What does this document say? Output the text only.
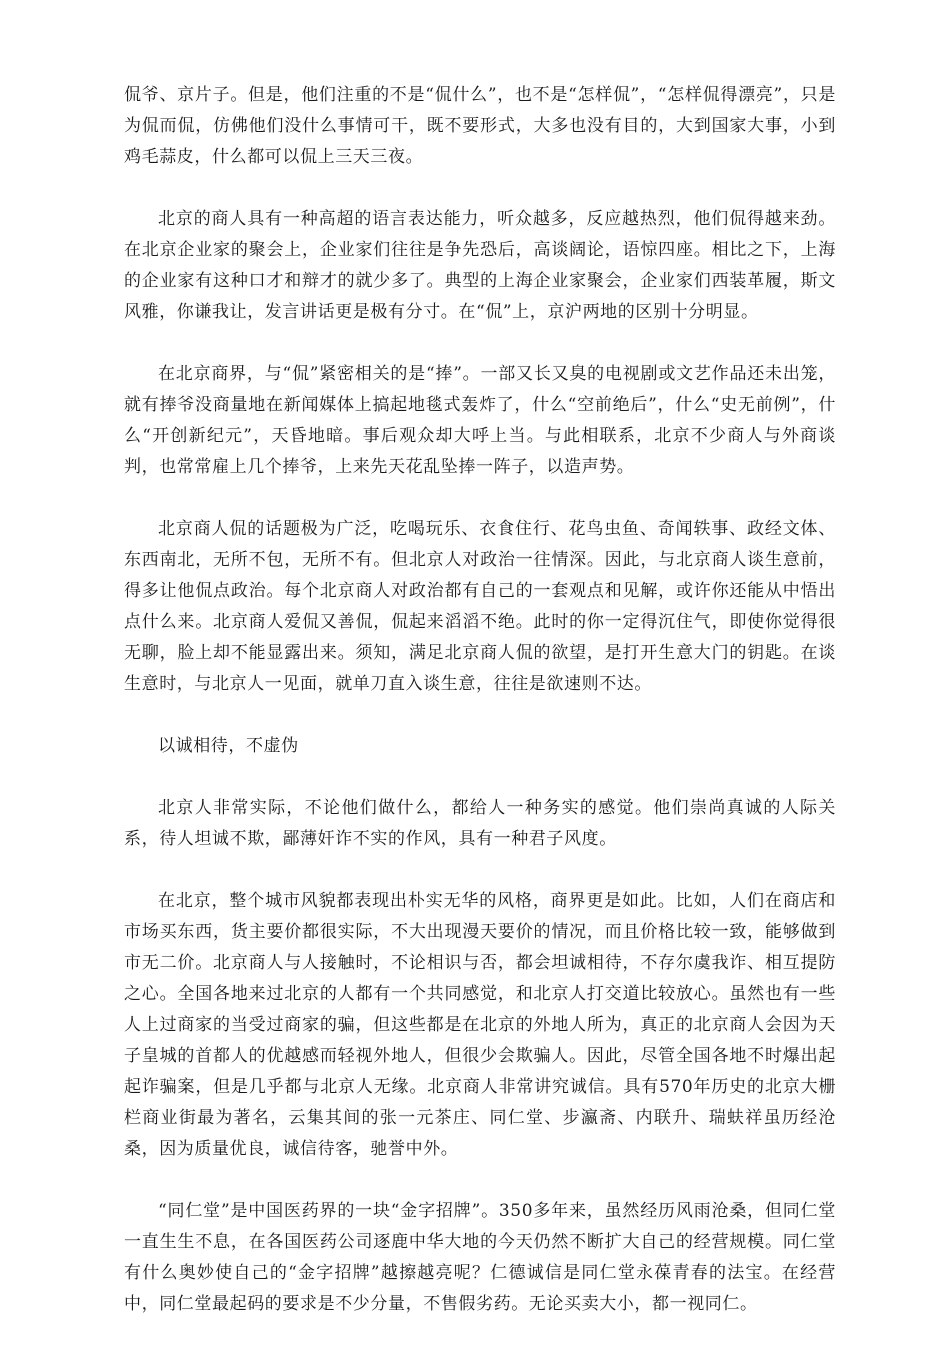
侃爷、京片子。但是，他们注重的不是“侃什么”，也不是“怎样侃”，“怎样侃得漂亮”，只是为侃而侃，仿佛他们没什么事情可干，既不要形式，大多也没有目的，大到国家大事，小到鸡毛蒜皮，什么都可以侃上三天三夜。

北京的商人具有一种高超的语言表达能力，听众越多，反应越热烈，他们侃得越来劲。在北京企业家的聚会上，企业家们往往是争先恐后，高谈阔论，语惊四座。相比之下，上海的企业家有这种口才和辩才的就少多了。典型的上海企业家聚会，企业家们西装革履，斯文风雅，你谦我让，发言讲话更是极有分寸。在“侃”上，京沪两地的区别十分明显。

在北京商界，与“侃”紧密相关的是“捧”。一部又长又臭的电视剧或文艺作品还未出笼，就有捧爷没商量地在新闻媒体上搞起地毯式轰炸了，什么“空前绝后”，什么“史无前例”，什么“开创新纪元”，天昏地暗。事后观众却大呼上当。与此相联系，北京不少商人与外商谈判，也常常雇上几个捧爷，上来先天花乱坠捧一阵子，以造声势。

北京商人侃的话题极为广泛，吃喝玩乐、衣食住行、花鸟虫鱼、奇闻轶事、政经文体、东西南北，无所不包，无所不有。但北京人对政治一往情深。因此，与北京商人谈生意前，得多让他侃点政治。每个北京商人对政治都有自己的一套观点和见解，或许你还能从中悟出点什么来。北京商人爱侃又善侃，侃起来滔滔不绝。此时的你一定得沉住气，即使你觉得很无聊，脸上却不能显露出来。须知，满足北京商人侃的欲望，是打开生意大门的钥匙。在谈生意时，与北京人一见面，就单刀直入谈生意，往往是欲速则不达。

以诚相待，不虚伪

北京人非常实际，不论他们做什么，都给人一种务实的感觉。他们崇尚真诚的人际关系，待人坦诚不欺，鄙薄奸诈不实的作风，具有一种君子风度。

在北京，整个城市风貌都表现出朴实无华的风格，商界更是如此。比如，人们在商店和市场买东西，货主要价都很实际，不大出现漫天要价的情况，而且价格比较一致，能够做到市无二价。北京商人与人接触时，不论相识与否，都会坦诚相待，不存尔虞我诈、相互提防之心。全国各地来过北京的人都有一个共同感觉，和北京人打交道比较放心。虽然也有一些人上过商家的当受过商家的骗，但这些都是在北京的外地人所为，真正的北京商人会因为天子皇城的首都人的优越感而轻视外地人，但很少会欺骗人。因此，尽管全国各地不时爆出起起诈骗案，但是几乎都与北京人无缘。北京商人非常讲究诚信。具有570年历史的北京大栅栏商业街最为著名，云集其间的张一元茶庄、同仁堂、步瀛斋、内联升、瑞蚨祥虽历经沧桑，因为质量优良，诚信待客，驰誉中外。

“同仁堂”是中国医药界的一块“金字招牌”。350多年来，虽然经历风雨沧桑，但同仁堂一直生生不息，在各国医药公司逐鹿中华大地的今天仍然不断扩大自己的经营规模。同仁堂有什么奥妙使自己的“金字招牌”越擦越亮呢？仁德诚信是同仁堂永葆青春的法宝。在经营中，同仁堂最起码的要求是不少分量，不售假劣药。无论买卖大小，都一视同仁。
